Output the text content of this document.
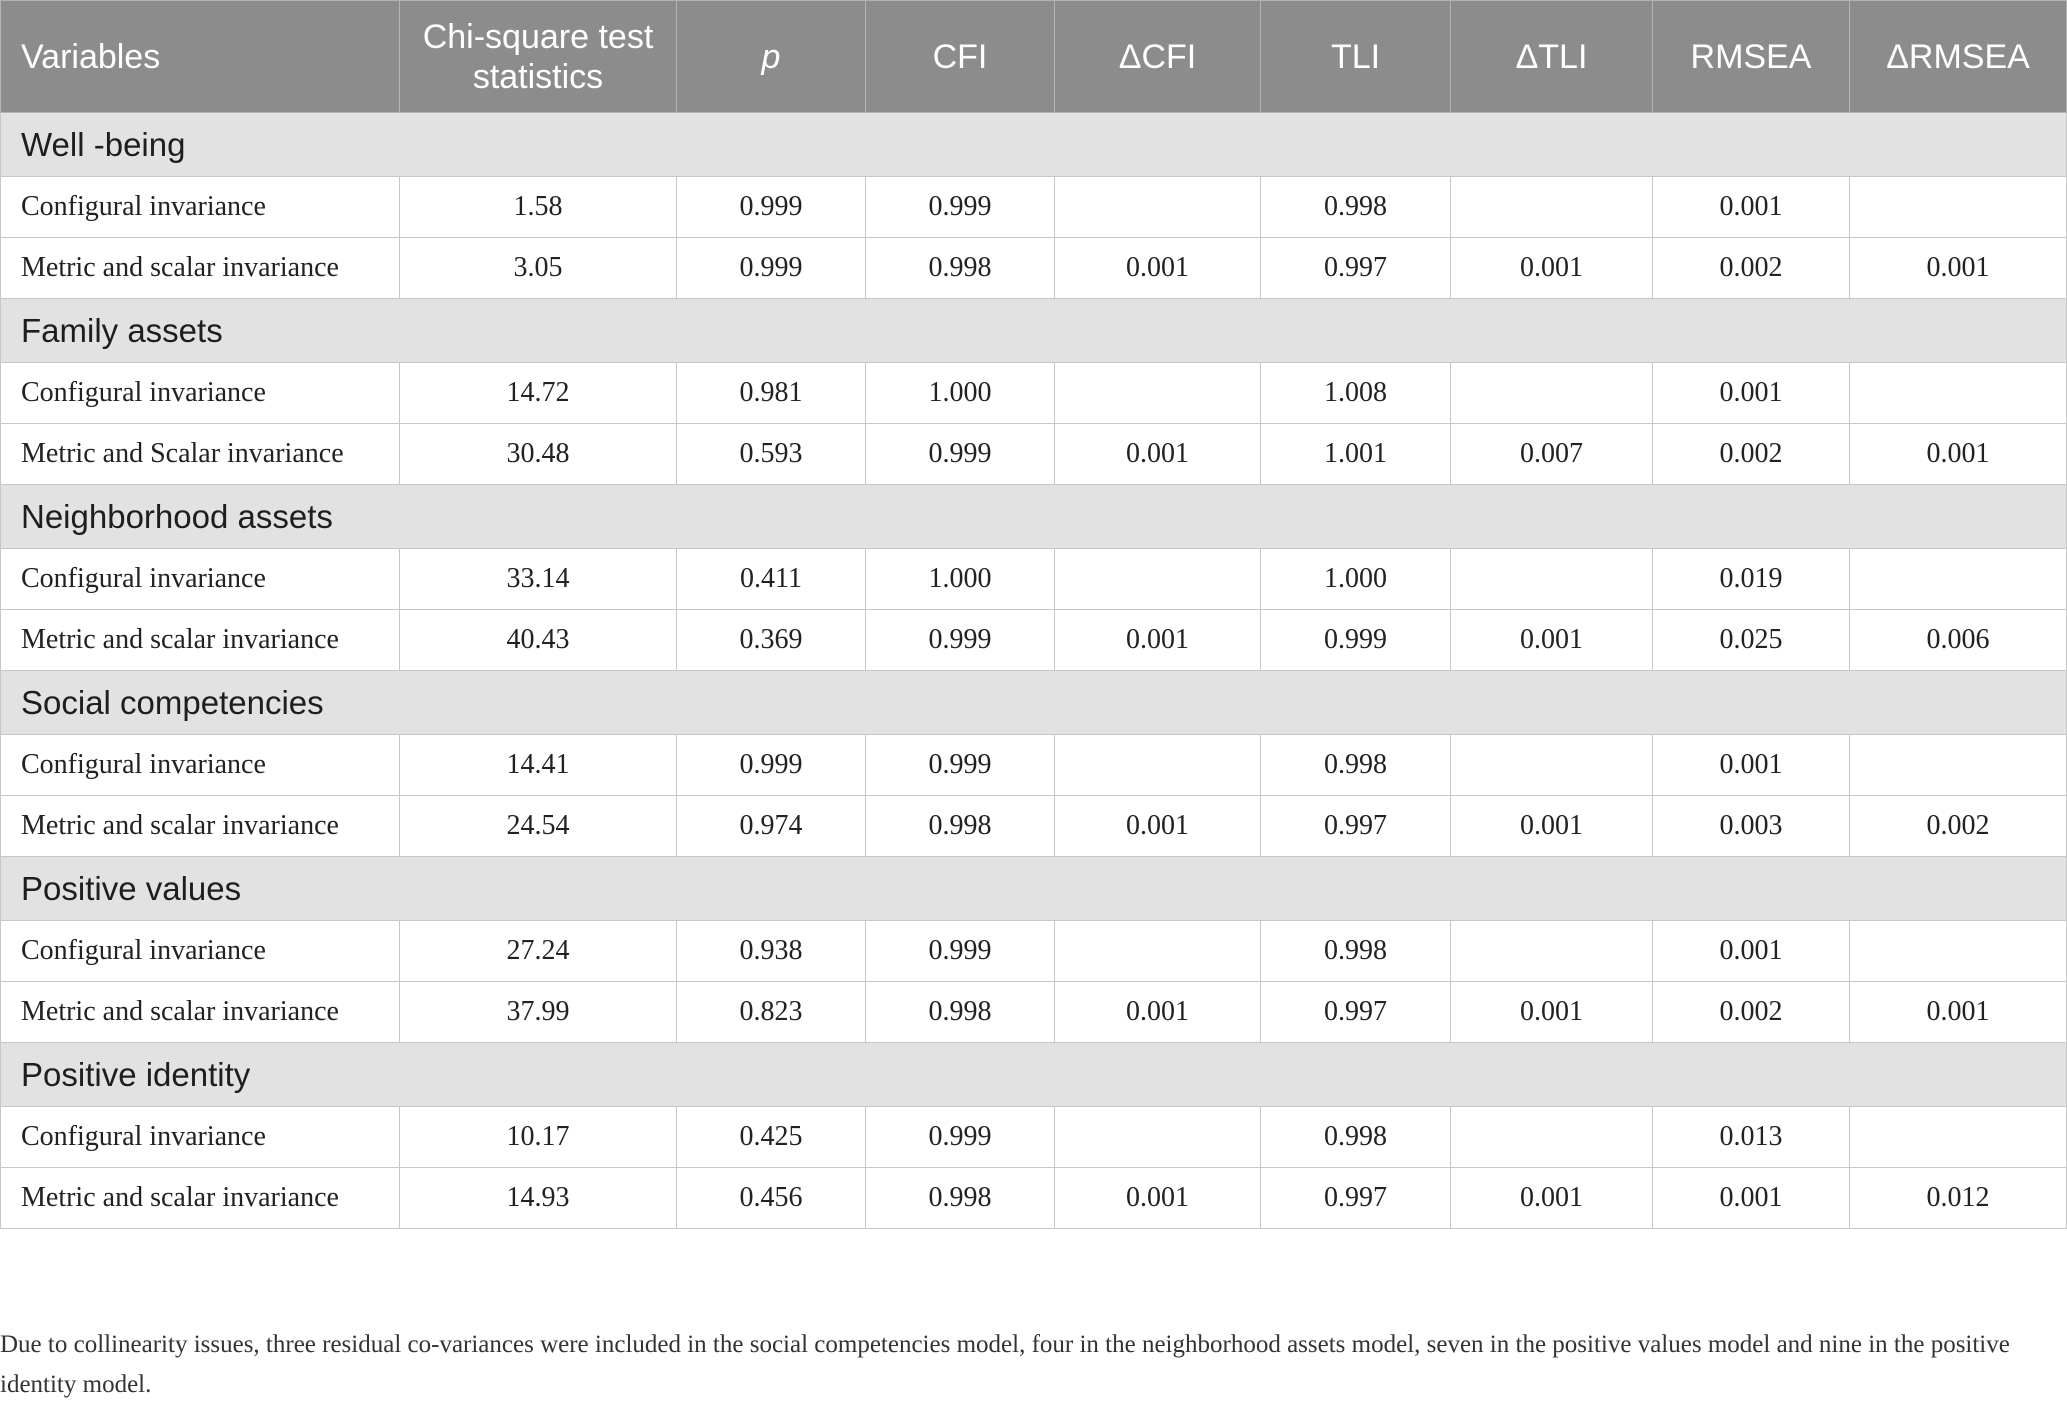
Variables	Chi-square test statistics	p	CFI	ΔCFI	TLI	ΔTLI	RMSEA	ΔRMSEA
Well -being								
Configural invariance	1.58	0.999	0.999		0.998		0.001	
Metric and scalar invariance	3.05	0.999	0.998	0.001	0.997	0.001	0.002	0.001
Family assets								
Configural invariance	14.72	0.981	1.000		1.008		0.001	
Metric and Scalar invariance	30.48	0.593	0.999	0.001	1.001	0.007	0.002	0.001
Neighborhood assets								
Configural invariance	33.14	0.411	1.000		1.000		0.019	
Metric and scalar invariance	40.43	0.369	0.999	0.001	0.999	0.001	0.025	0.006
Social competencies								
Configural invariance	14.41	0.999	0.999		0.998		0.001	
Metric and scalar invariance	24.54	0.974	0.998	0.001	0.997	0.001	0.003	0.002
Positive values								
Configural invariance	27.24	0.938	0.999		0.998		0.001	
Metric and scalar invariance	37.99	0.823	0.998	0.001	0.997	0.001	0.002	0.001
Positive identity								
Configural invariance	10.17	0.425	0.999		0.998		0.013	
Metric and scalar invariance	14.93	0.456	0.998	0.001	0.997	0.001	0.001	0.012

Due to collinearity issues, three residual co-variances were included in the social competencies model, four in the neighborhood assets model, seven in the positive values model and nine in the positive identity model.
